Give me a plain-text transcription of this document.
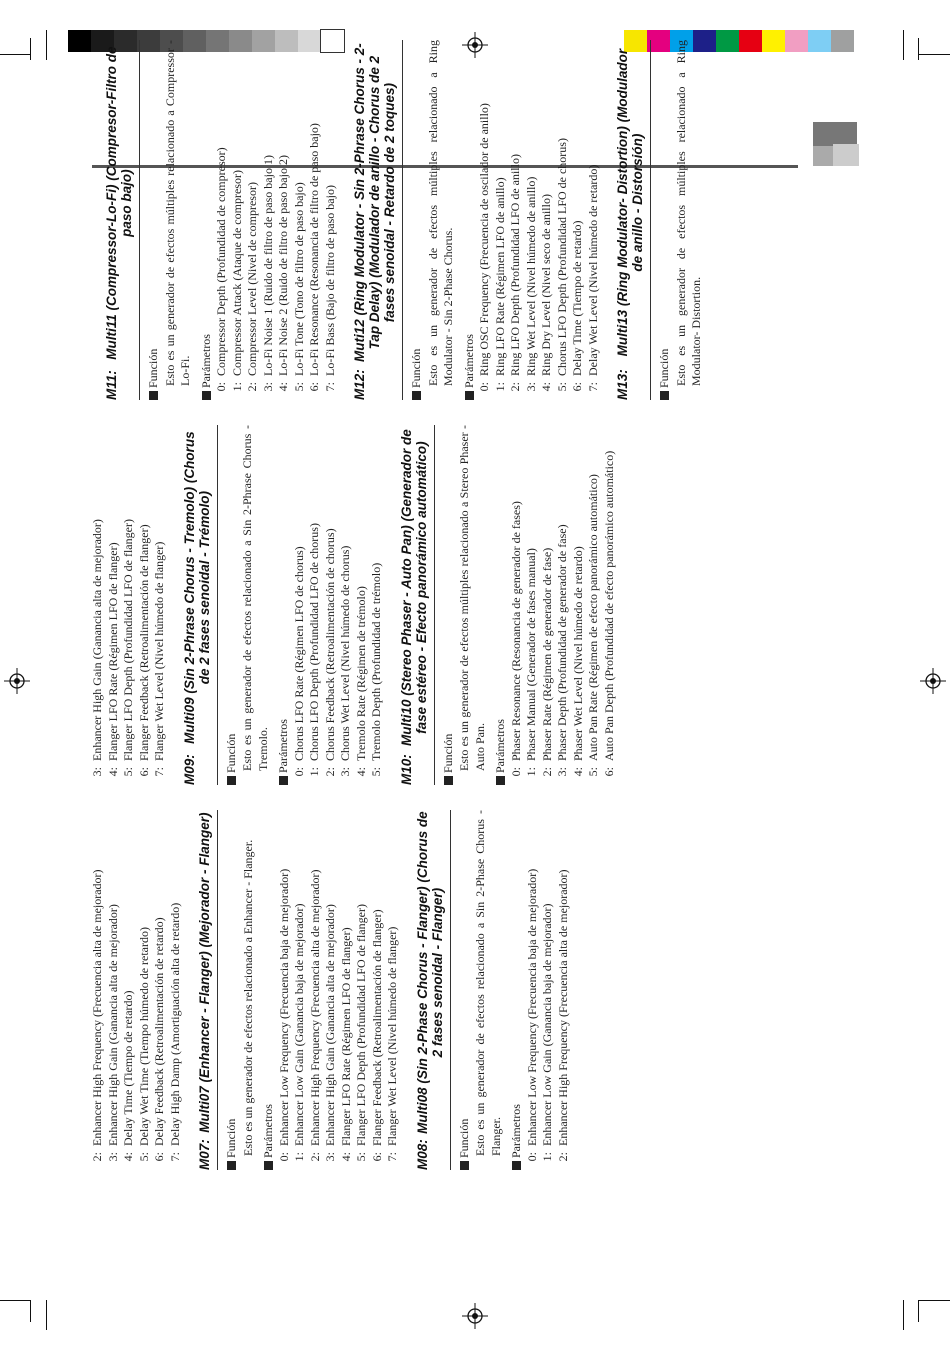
2:
Enhancer High Frequency (Frecuencia alta de mejorador)
3:
Enhancer High Gain (Ganancia alta de mejorador)
4:
Delay Time (Tiempo de retardo)
5:
Delay Wet Time (Tiempo húmedo de retardo)
6:
Delay Feedback (Retroalimentación de retardo)
7:
Delay High Damp (Amortiguación alta de retardo)
M07:
Multi07 (Enhancer - Flanger) (Mejorador - Flanger)
Función Esto es un generador de efectos relacionado a Enhancer - Flanger. Parámetros 0:
Enhancer Low Frequency (Frecuencia baja de mejorador)
1:
Enhancer Low Gain (Ganancia baja de mejorador)
2:
Enhancer High Frequency (Frecuencia alta de mejorador)
3:
Enhancer High Gain (Ganancia alta de mejorador)
4:
Flanger LFO Rate (Régimen LFO de flanger)
5:
Flanger LFO Depth (Profundidad LFO de flanger)
6:
Flanger Feedback (Retroalimentación de flanger)
7:
Flanger Wet Level (Nivel húmedo de flanger)
M08:
Multi08 (Sin 2-Phase Chorus - Flanger) (Chorus de 2 fases senoidal - Flanger)
Función Esto es un generador de efectos relacionado a Sin 2-Phase Chorus - Flanger. Parámetros 0:
Enhancer Low Frequency (Frecuencia baja de mejorador)
1:
Enhancer Low Gain (Ganancia baja de mejorador)
2:
Enhancer High Frequency (Frecuencia alta de mejorador)
3:
Enhancer High Gain (Ganancia alta de mejorador)
4:
Flanger LFO Rate (Régimen LFO de flanger)
5:
Flanger LFO Depth (Profundidad LFO de flanger)
6:
Flanger Feedback (Retroalimentación de flanger)
7:
Flanger Wet Level (Nivel húmedo de flanger)
M09:
Multi09 (Sin 2-Phrase Chorus - Tremolo) (Chorus de 2 fases senoidal - Trémolo)
Función Esto es un generador de efectos relacionado a Sin 2-Phrase Chorus - Tremolo. Parámetros 0:
Chorus LFO Rate (Régimen LFO de chorus)
1:
Chorus LFO Depth (Profundidad LFO de chorus)
2:
Chorus Feedback (Retroalimentación de chorus)
3:
Chorus Wet Level (Nivel húmedo de chorus)
4:
Tremolo Rate (Régimen de trémolo)
5:
Tremolo Depth (Profundidad de trémolo)
M10:
Multi10 (Stereo Phaser - Auto Pan) (Generador de fase estéreo - Efecto panorámico automático)
Función Esto es un generador de efectos múltiples relacionado a Stereo Phaser - Auto Pan. Parámetros 0:
Phaser Resonance (Resonancia de generador de fases)
1:
Phaser Manual (Generador de fases manual)
2:
Phaser Rate (Régimen de generador de fase)
3:
Phaser Depth (Profundidad de generador de fase)
4:
Phaser Wet Level (Nivel húmedo de retardo)
5:
Auto Pan Rate (Régimen de efecto panorámico automático)
6:
Auto Pan Depth (Profundidad de efecto panorámico automático)
M11:
Multi11 (Compressor-Lo-Fi) (Compresor-Filtro de paso bajo)
Función Esto es un generador de efectos múltiples relacionado a Compressor - Lo-Fi. Parámetros 0:
Compressor Depth (Profundidad de compresor)
1:
Compressor Attack (Ataque de compresor)
2:
Compressor Level (Nivel de compresor)
3:
Lo-Fi Noise 1 (Ruido de filtro de paso bajo 1)
4:
Lo-Fi Noise 2 (Ruido de filtro de paso bajo 2)
5:
Lo-Fi Tone (Tono de filtro de paso bajo)
6:
Lo-Fi Resonance (Resonancia de filtro de paso bajo)
7:
Lo-Fi Bass (Bajo de filtro de paso bajo)
M12:
Muti12 (Ring Modulator - Sin 2-Phrase Chorus - 2-Tap Delay) (Modulador de anillo - Chorus de 2 fases senoidal - Retardo de 2 toques)
Función Esto es un generador de efectos múltiples relacionado a Ring Modulator - Sin 2-Phase Chorus. Parámetros 0:
Ring OSC Frequency (Frecuencia de oscilador de anillo)
1:
Ring LFO Rate (Régimen LFO de anillo)
2:
Ring LFO Depth (Profundidad LFO de anillo)
3:
Ring Wet Level (Nivel húmedo de anillo)
4:
Ring Dry Level (Nivel seco de anillo)
5:
Chorus LFO Depth (Profundidad LFO de chorus)
6:
Delay Time (Tiempo de retardo)
7:
Delay Wet Level (Nivel húmedo de retardo)
M13:
Multi13 (Ring Modulator- Distortion) (Modulador de anillo - Distorsión)
Función Esto es un generador de efectos múltiples relacionado a Ring Modulator- Distortion.
